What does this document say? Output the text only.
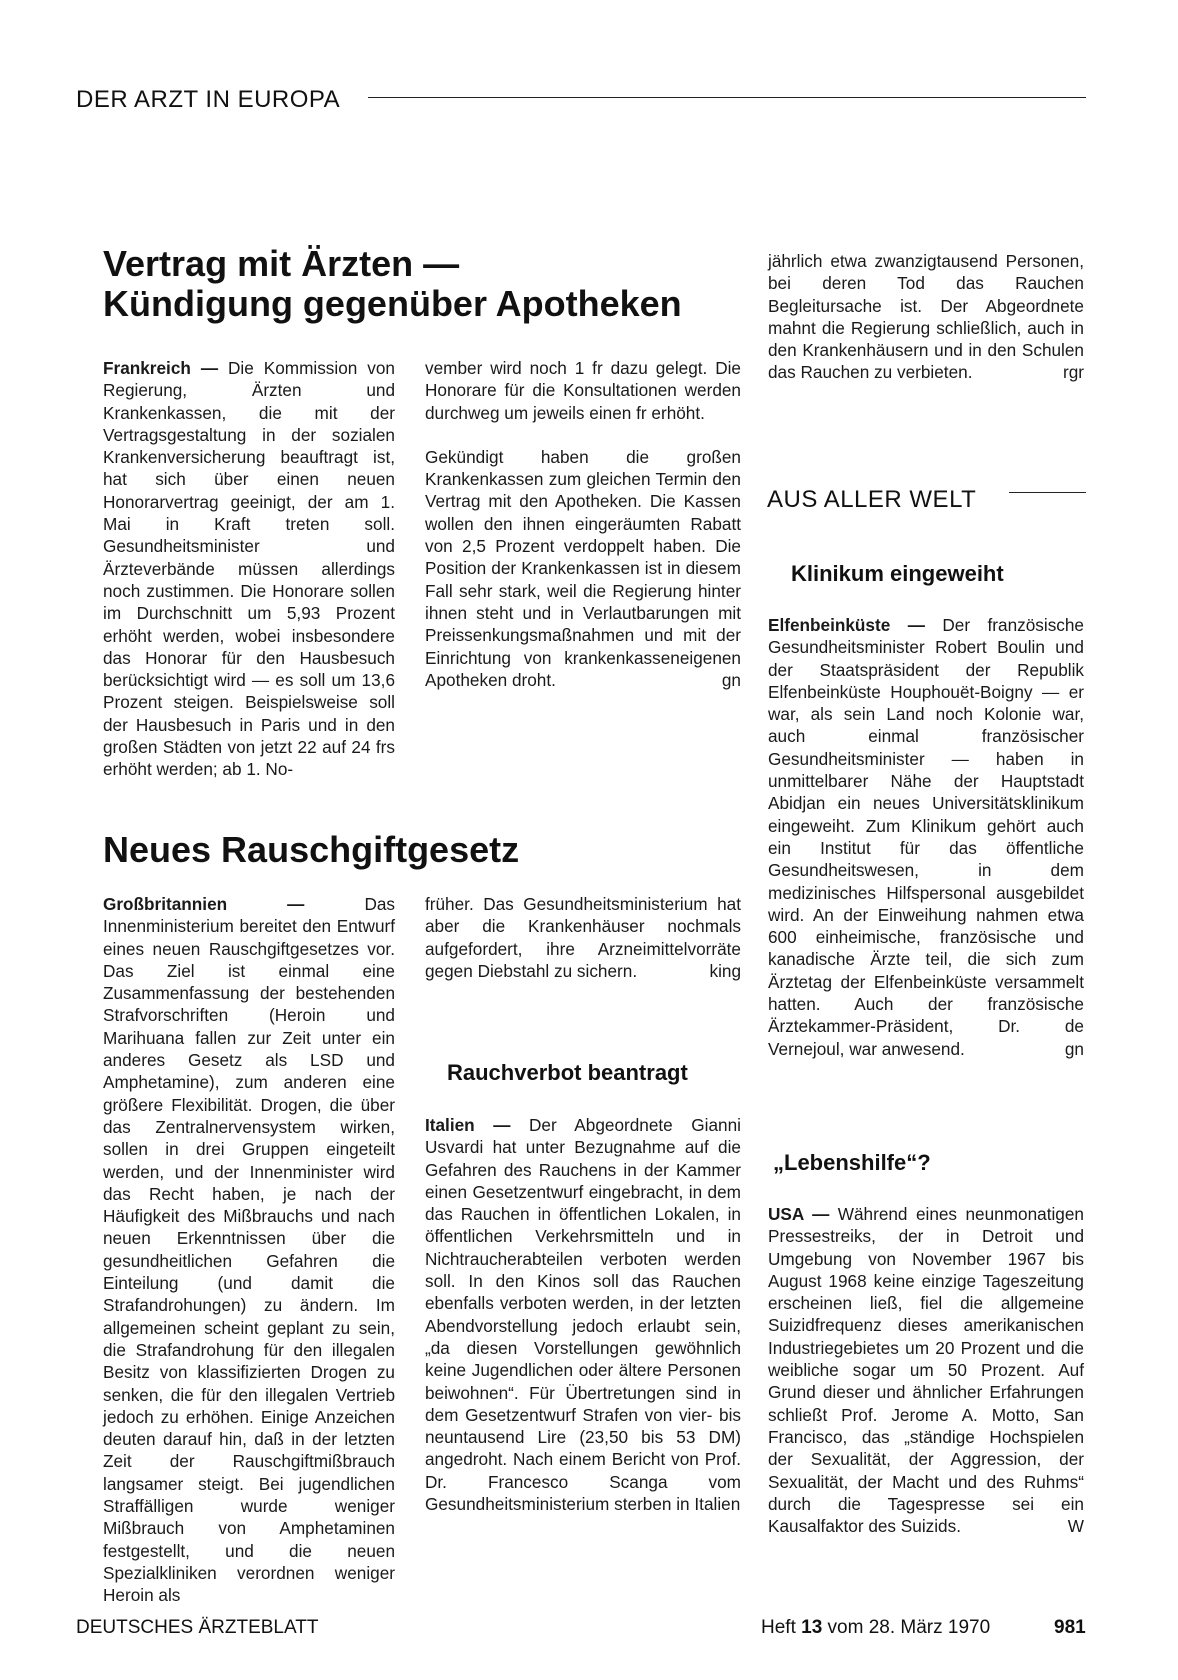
DER ARZT IN EUROPA
Vertrag mit Ärzten —
Kündigung gegenüber Apotheken

Frankreich — Die Kommission von Regierung, Ärzten und Krankenkassen, die mit der Vertragsgestaltung in der sozialen Krankenversicherung beauftragt ist, hat sich über einen neuen Honorarvertrag geeinigt, der am 1. Mai in Kraft treten soll. Gesundheitsminister und Ärzteverbände müssen allerdings noch zustimmen. Die Honorare sollen im Durchschnitt um 5,93 Prozent erhöht werden, wobei insbesondere das Honorar für den Hausbesuch berücksichtigt wird — es soll um 13,6 Prozent steigen. Beispielsweise soll der Hausbesuch in Paris und in den großen Städten von jetzt 22 auf 24 frs erhöht werden; ab 1. No-

vember wird noch 1 fr dazu gelegt. Die Honorare für die Konsultationen werden durchweg um jeweils einen fr erhöht.

Gekündigt haben die großen Krankenkassen zum gleichen Termin den Vertrag mit den Apotheken. Die Kassen wollen den ihnen eingeräumten Rabatt von 2,5 Prozent verdoppelt haben. Die Position der Krankenkassen ist in diesem Fall sehr stark, weil die Regierung hinter ihnen steht und in Verlautbarungen mit Preissenkungsmaßnahmen und mit der Einrichtung von krankenkasseneigenen Apotheken droht.	gn

Neues Rauschgiftgesetz

Großbritannien —	Das Innenministerium bereitet den Entwurf eines neuen Rauschgiftgesetzes vor. Das Ziel ist einmal eine Zusammenfassung der bestehenden Strafvorschriften (Heroin und Marihuana fallen zur Zeit unter ein anderes Gesetz als LSD und Amphetamine), zum anderen eine größere Flexibilität. Drogen, die über das Zentralnervensystem wirken, sollen in drei Gruppen eingeteilt werden, und der Innenminister wird das Recht haben, je nach der Häufigkeit des Mißbrauchs und nach neuen Erkenntnissen über die gesundheitlichen Gefahren die Einteilung (und damit die Strafandrohungen) zu ändern. Im allgemeinen scheint geplant zu sein, die Strafandrohung für den illegalen Besitz von klassifizierten Drogen zu senken, die für den illegalen Vertrieb jedoch zu erhöhen. Einige Anzeichen deuten darauf hin, daß in der letzten Zeit der Rauschgiftmißbrauch langsamer steigt. Bei jugendlichen Straffälligen wurde weniger Mißbrauch von Amphetaminen festgestellt, und die neuen Spezialkliniken verordnen weniger Heroin als

früher. Das Gesundheitsministerium hat aber die Krankenhäuser nochmals aufgefordert, ihre Arzneimittelvorräte gegen Diebstahl zu sichern.	king

Rauchverbot beantragt

Italien — Der Abgeordnete Gianni Usvardi hat unter Bezugnahme auf die Gefahren des Rauchens in der Kammer einen Gesetzentwurf eingebracht, in dem das Rauchen in öffentlichen Lokalen, in öffentlichen Verkehrsmitteln und in Nichtraucherabteilen verboten werden soll. In den Kinos soll das Rauchen ebenfalls verboten werden, in der letzten Abendvorstellung jedoch erlaubt sein, „da diesen Vorstellungen gewöhnlich keine Jugendlichen oder ältere Personen beiwohnen“. Für Übertretungen sind in dem Gesetzentwurf Strafen von vier- bis neuntausend Lire (23,50 bis 53 DM) angedroht. Nach einem Bericht von Prof. Dr. Francesco Scanga vom Gesundheitsministerium sterben in Italien

jährlich etwa zwanzigtausend Personen, bei deren Tod das Rauchen Begleitursache ist. Der Abgeordnete mahnt die Regierung schließlich, auch in den Krankenhäusern und in den Schulen das Rauchen zu verbieten.	rgr

AUS ALLER WELT
Klinikum eingeweiht

Elfenbeinküste — Der französische Gesundheitsminister Robert Boulin und der Staatspräsident der Republik Elfenbeinküste Houphouët-Boigny — er war, als sein Land noch Kolonie war, auch einmal französischer Gesundheitsminister — haben in unmittelbarer Nähe der Hauptstadt Abidjan ein neues Universitätsklinikum eingeweiht. Zum Klinikum gehört auch ein Institut für das öffentliche Gesundheitswesen, in dem medizinisches Hilfspersonal ausgebildet wird. An der Einweihung nahmen etwa 600 einheimische, französische und kanadische Ärzte teil, die sich zum Ärztetag der Elfenbeinküste versammelt hatten. Auch der französische Ärztekammer-Präsident, Dr. de Vernejoul, war anwesend.	gn

„Lebenshilfe“?

USA — Während eines neunmonatigen Pressestreiks, der in Detroit und Umgebung von November 1967 bis August 1968 keine einzige Tageszeitung erscheinen ließ, fiel die allgemeine Suizidfrequenz dieses amerikanischen Industriegebietes um 20 Prozent und die weibliche sogar um 50 Prozent. Auf Grund dieser und ähnlicher Erfahrungen schließt Prof. Jerome A. Motto, San Francisco, das „ständige Hochspielen der Sexualität, der Aggression, der Sexualität, der Macht und des Ruhms“ durch die Tagespresse sei ein Kausalfaktor des Suizids.	W

DEUTSCHES ÄRZTEBLATT	Heft 13 vom 28. März 1970	981
